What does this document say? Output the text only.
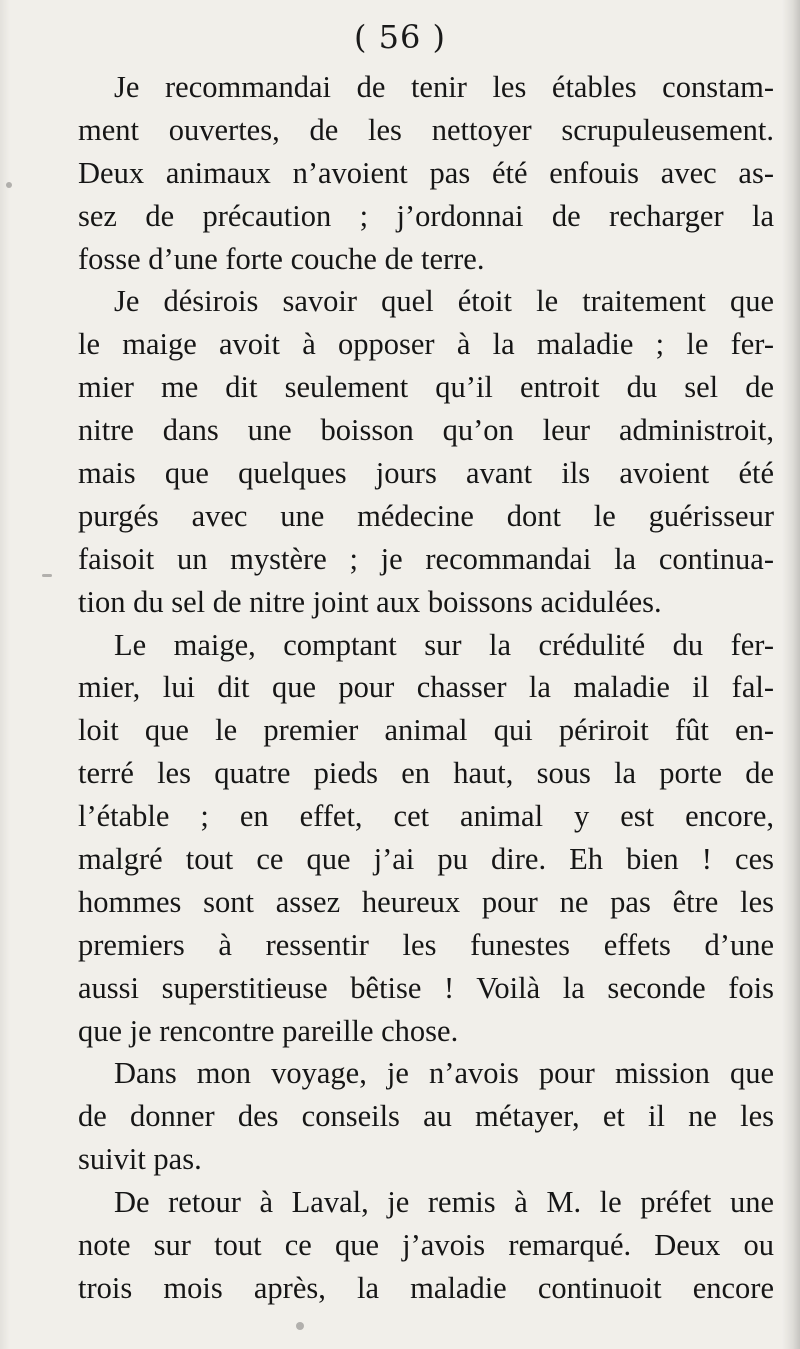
( 56 )
Je recommandai de tenir les étables constam-
ment ouvertes, de les nettoyer scrupuleusement.
Deux animaux n’avoient pas été enfouis avec as-
sez de précaution ; j’ordonnai de recharger la
fosse d’une forte couche de terre.
Je désirois savoir quel étoit le traitement que
le maige avoit à opposer à la maladie ; le fer-
mier me dit seulement qu’il entroit du sel de
nitre dans une boisson qu’on leur administroit,
mais que quelques jours avant ils avoient été
purgés avec une médecine dont le guérisseur
faisoit un mystère ; je recommandai la continua-
tion du sel de nitre joint aux boissons acidulées.
Le maige, comptant sur la crédulité du fer-
mier, lui dit que pour chasser la maladie il fal-
loit que le premier animal qui périroit fût en-
terré les quatre pieds en haut, sous la porte de
l’étable ; en effet, cet animal y est encore,
malgré tout ce que j’ai pu dire. Eh bien ! ces
hommes sont assez heureux pour ne pas être les
premiers à ressentir les funestes effets d’une
aussi superstitieuse bêtise ! Voilà la seconde fois
que je rencontre pareille chose.
Dans mon voyage, je n’avois pour mission que
de donner des conseils au métayer, et il ne les
suivit pas.
De retour à Laval, je remis à M. le préfet une
note sur tout ce que j’avois remarqué. Deux ou
trois mois après, la maladie continuoit encore
